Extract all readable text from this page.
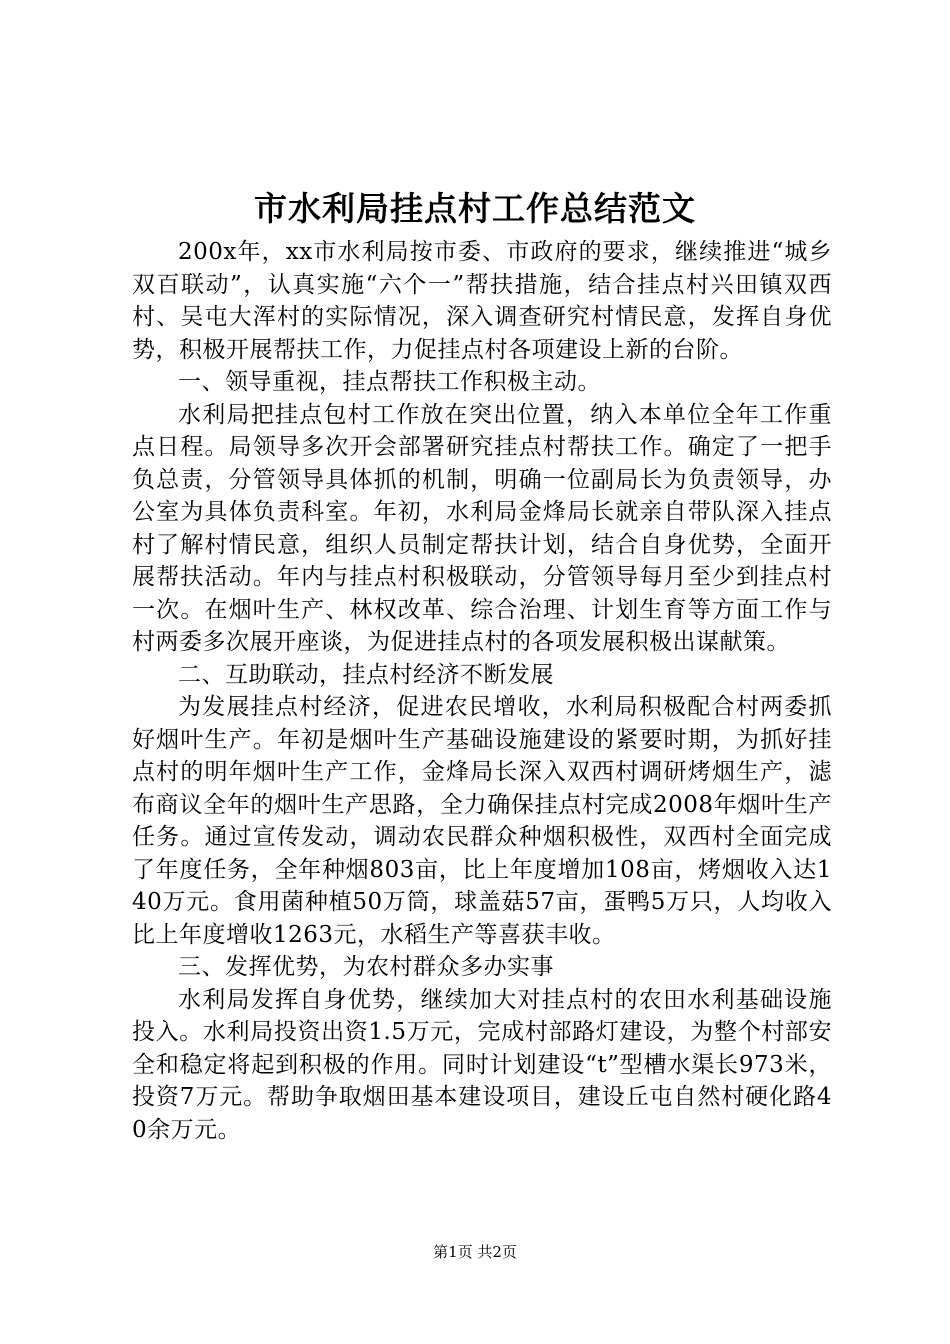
市水利局挂点村工作总结范文

200x年，xx市水利局按市委、市政府的要求，继续推进“城乡双百联动”，认真实施“六个一”帮扶措施，结合挂点村兴田镇双西村、吴屯大浑村的实际情况，深入调查研究村情民意，发挥自身优势，积极开展帮扶工作，力促挂点村各项建设上新的台阶。

一、领导重视，挂点帮扶工作积极主动。

水利局把挂点包村工作放在突出位置，纳入本单位全年工作重点日程。局领导多次开会部署研究挂点村帮扶工作。确定了一把手负总责，分管领导具体抓的机制，明确一位副局长为负责领导，办公室为具体负责科室。年初，水利局金烽局长就亲自带队深入挂点村了解村情民意，组织人员制定帮扶计划，结合自身优势，全面开展帮扶活动。年内与挂点村积极联动，分管领导每月至少到挂点村一次。在烟叶生产、林权改革、综合治理、计划生育等方面工作与村两委多次展开座谈，为促进挂点村的各项发展积极出谋献策。

二、互助联动，挂点村经济不断发展

为发展挂点村经济，促进农民增收，水利局积极配合村两委抓好烟叶生产。年初是烟叶生产基础设施建设的紧要时期，为抓好挂点村的明年烟叶生产工作，金烽局长深入双西村调研烤烟生产，滤布商议全年的烟叶生产思路，全力确保挂点村完成2008年烟叶生产任务。通过宣传发动，调动农民群众种烟积极性，双西村全面完成了年度任务，全年种烟803亩，比上年度增加108亩，烤烟收入达140万元。食用菌种植50万筒，球盖菇57亩，蛋鸭5万只，人均收入比上年度增收1263元，水稻生产等喜获丰收。

三、发挥优势，为农村群众多办实事

水利局发挥自身优势，继续加大对挂点村的农田水利基础设施投入。水利局投资出资1.5万元，完成村部路灯建设，为整个村部安全和稳定将起到积极的作用。同时计划建设“t”型槽水渠长973米，投资7万元。帮助争取烟田基本建设项目，建设丘屯自然村硬化路40余万元。

第1页 共2页
